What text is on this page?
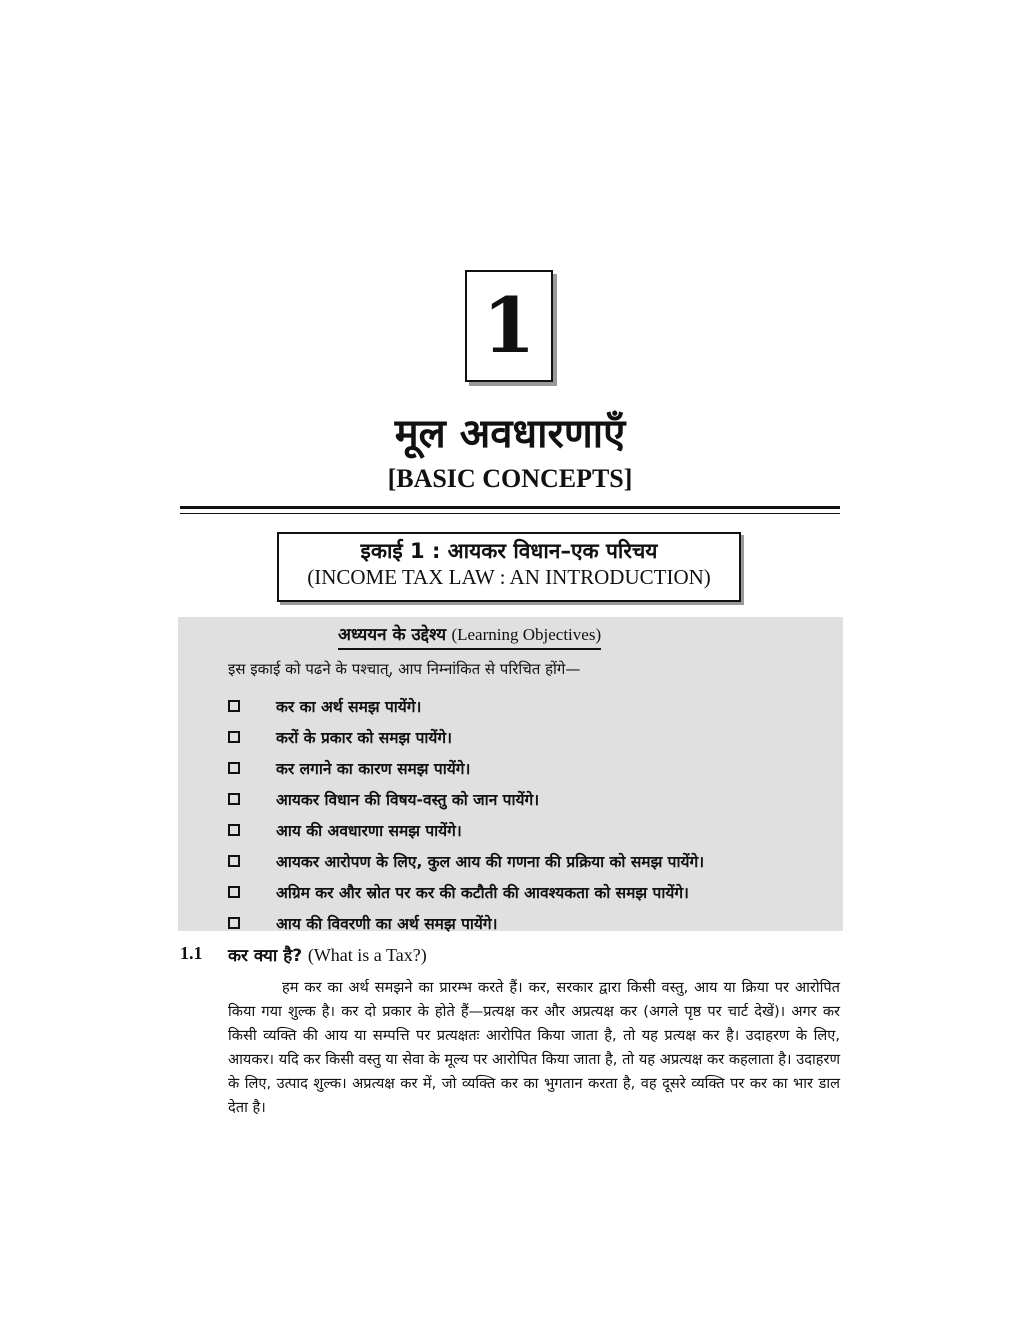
1
मूल अवधारणाएँ
[BASIC CONCEPTS]
इकाई 1 : आयकर विधान–एक परिचय
(INCOME TAX LAW : AN INTRODUCTION)
अध्ययन के उद्देश्य (Learning Objectives)
इस इकाई को पढने के पश्चात्, आप निम्नांकित से परिचित होंगे—
कर का अर्थ समझ पायेंगे।
करों के प्रकार को समझ पायेंगे।
कर लगाने का कारण समझ पायेंगे।
आयकर विधान की विषय-वस्तु को जान पायेंगे।
आय की अवधारणा समझ पायेंगे।
आयकर आरोपण के लिए, कुल आय की गणना की प्रक्रिया को समझ पायेंगे।
अग्रिम कर और स्रोत पर कर की कटौती की आवश्यकता को समझ पायेंगे।
आय की विवरणी का अर्थ समझ पायेंगे।
1.1 कर क्या है? (What is a Tax?)

हम कर का अर्थ समझने का प्रारम्भ करते हैं। कर, सरकार द्वारा किसी वस्तु, आय या क्रिया पर आरोपित किया गया शुल्क है। कर दो प्रकार के होते हैं—प्रत्यक्ष कर और अप्रत्यक्ष कर (अगले पृष्ठ पर चार्ट देखें)। अगर कर किसी व्यक्ति की आय या सम्पत्ति पर प्रत्यक्षतः आरोपित किया जाता है, तो यह प्रत्यक्ष कर है। उदाहरण के लिए, आयकर। यदि कर किसी वस्तु या सेवा के मूल्य पर आरोपित किया जाता है, तो यह अप्रत्यक्ष कर कहलाता है। उदाहरण के लिए, उत्पाद शुल्क। अप्रत्यक्ष कर में, जो व्यक्ति कर का भुगतान करता है, वह दूसरे व्यक्ति पर कर का भार डाल देता है।
